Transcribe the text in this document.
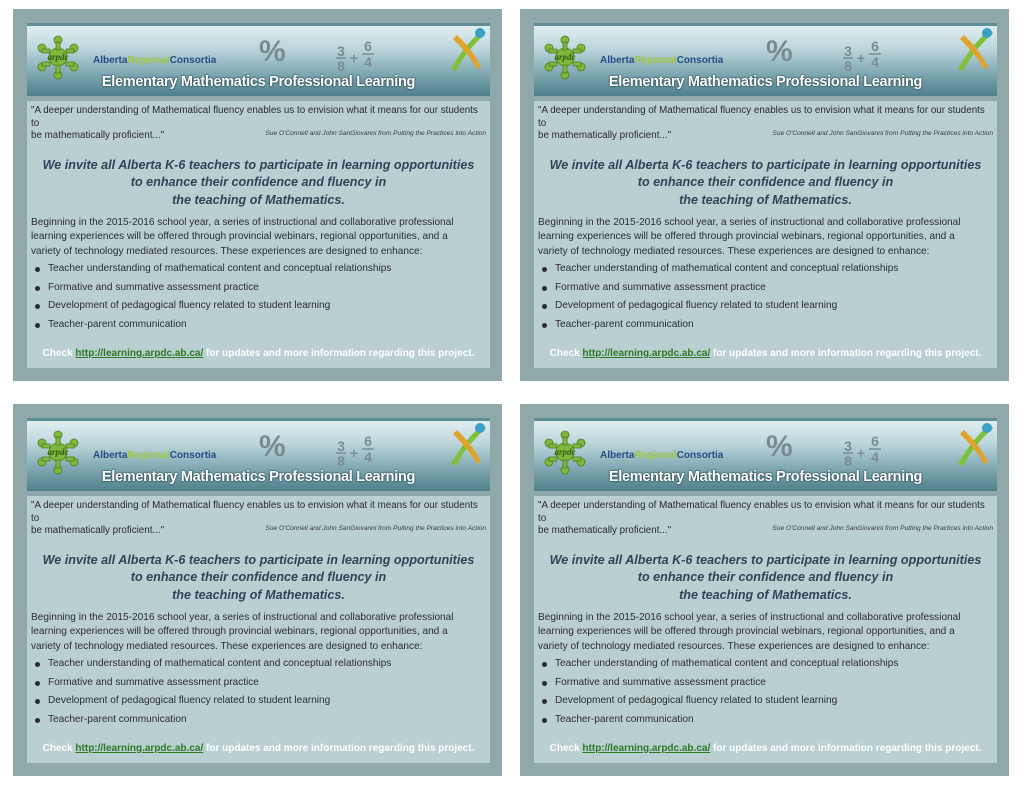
arpdc AlbertaRegionalConsortia %	3
8 +
6
4
Elementary Mathematics Professional Learning
"A deeper understanding of Mathematical fluency enables us to envision what it means for our students to
be mathematically proficient..."	Sue O'Connell and John SanGiovanni from Putting the Practices into Action
We invite all Alberta K-6 teachers to participate in learning opportunities
to enhance their confidence and fluency in
the teaching of Mathematics.
Beginning in the 2015-2016 school year, a series of instructional and collaborative professional
learning experiences will be offered through provincial webinars, regional opportunities, and a
variety of technology mediated resources. These experiences are designed to enhance:
Teacher understanding of mathematical content and conceptual relationships
Formative and summative assessment practice
Development of pedagogical fluency related to student learning
Teacher-parent communication
Check http://learning.arpdc.ab.ca/ for updates and more information regarding this project.
arpdc AlbertaRegionalConsortia %	3
8 +
6
4
Elementary Mathematics Professional Learning
"A deeper understanding of Mathematical fluency enables us to envision what it means for our students to
be mathematically proficient..."	Sue O'Connell and John SanGiovanni from Putting the Practices into Action
We invite all Alberta K-6 teachers to participate in learning opportunities
to enhance their confidence and fluency in
the teaching of Mathematics.
Beginning in the 2015-2016 school year, a series of instructional and collaborative professional
learning experiences will be offered through provincial webinars, regional opportunities, and a
variety of technology mediated resources. These experiences are designed to enhance:
Teacher understanding of mathematical content and conceptual relationships
Formative and summative assessment practice
Development of pedagogical fluency related to student learning
Teacher-parent communication
Check http://learning.arpdc.ab.ca/ for updates and more information regarding this project.
arpdc AlbertaRegionalConsortia %	3
8 +
6
4
Elementary Mathematics Professional Learning
"A deeper understanding of Mathematical fluency enables us to envision what it means for our students to
be mathematically proficient..."	Sue O'Connell and John SanGiovanni from Putting the Practices into Action
We invite all Alberta K-6 teachers to participate in learning opportunities
to enhance their confidence and fluency in
the teaching of Mathematics.
Beginning in the 2015-2016 school year, a series of instructional and collaborative professional
learning experiences will be offered through provincial webinars, regional opportunities, and a
variety of technology mediated resources. These experiences are designed to enhance:
Teacher understanding of mathematical content and conceptual relationships
Formative and summative assessment practice
Development of pedagogical fluency related to student learning
Teacher-parent communication
Check http://learning.arpdc.ab.ca/ for updates and more information regarding this project.
arpdc AlbertaRegionalConsortia %	3
8 +
6
4
Elementary Mathematics Professional Learning
"A deeper understanding of Mathematical fluency enables us to envision what it means for our students to
be mathematically proficient..."	Sue O'Connell and John SanGiovanni from Putting the Practices into Action
We invite all Alberta K-6 teachers to participate in learning opportunities
to enhance their confidence and fluency in
the teaching of Mathematics.
Beginning in the 2015-2016 school year, a series of instructional and collaborative professional
learning experiences will be offered through provincial webinars, regional opportunities, and a
variety of technology mediated resources. These experiences are designed to enhance:
Teacher understanding of mathematical content and conceptual relationships
Formative and summative assessment practice
Development of pedagogical fluency related to student learning
Teacher-parent communication
Check http://learning.arpdc.ab.ca/ for updates and more information regarding this project.
